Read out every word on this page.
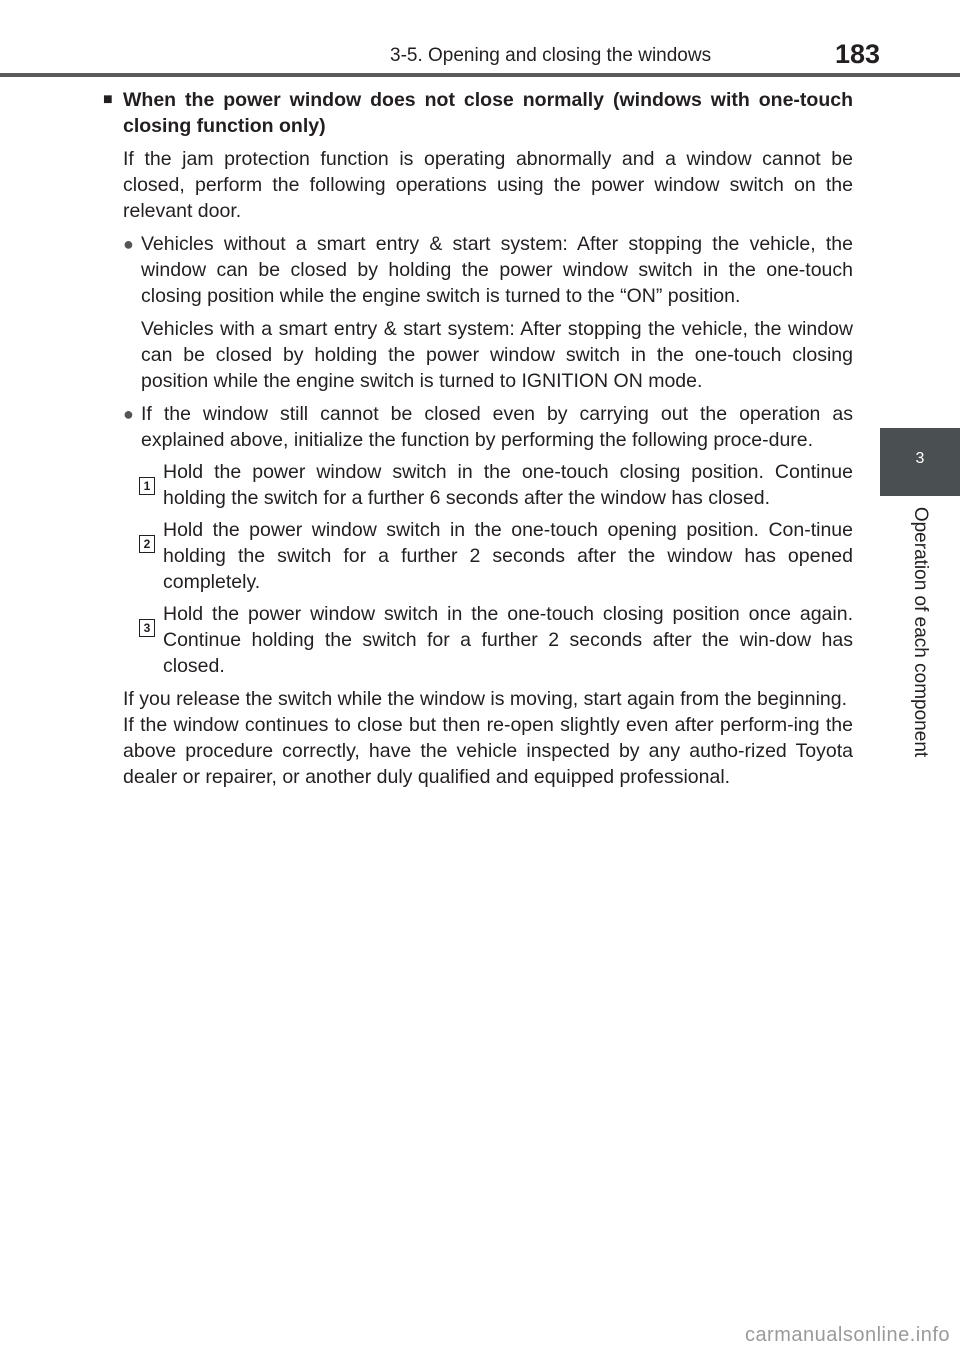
3-5. Opening and closing the windows	183
3
Operation of each component
■ When the power window does not close normally (windows with one-touch closing function only)
If the jam protection function is operating abnormally and a window cannot be closed, perform the following operations using the power window switch on the relevant door.
● Vehicles without a smart entry & start system: After stopping the vehicle, the window can be closed by holding the power window switch in the one-touch closing position while the engine switch is turned to the “ON” position.
Vehicles with a smart entry & start system: After stopping the vehicle, the window can be closed by holding the power window switch in the one-touch closing position while the engine switch is turned to IGNITION ON mode.
● If the window still cannot be closed even by carrying out the operation as explained above, initialize the function by performing the following proce-dure.
1
Hold the power window switch in the one-touch closing position. Continue holding the switch for a further 6 seconds after the window has closed.
2
Hold the power window switch in the one-touch opening position. Con-tinue holding the switch for a further 2 seconds after the window has opened completely.
3
Hold the power window switch in the one-touch closing position once again. Continue holding the switch for a further 2 seconds after the win-dow has closed.
If you release the switch while the window is moving, start again from the beginning.
If the window continues to close but then re-open slightly even after perform-ing the above procedure correctly, have the vehicle inspected by any autho-rized Toyota dealer or repairer, or another duly qualified and equipped professional.
carmanualsonline.info
